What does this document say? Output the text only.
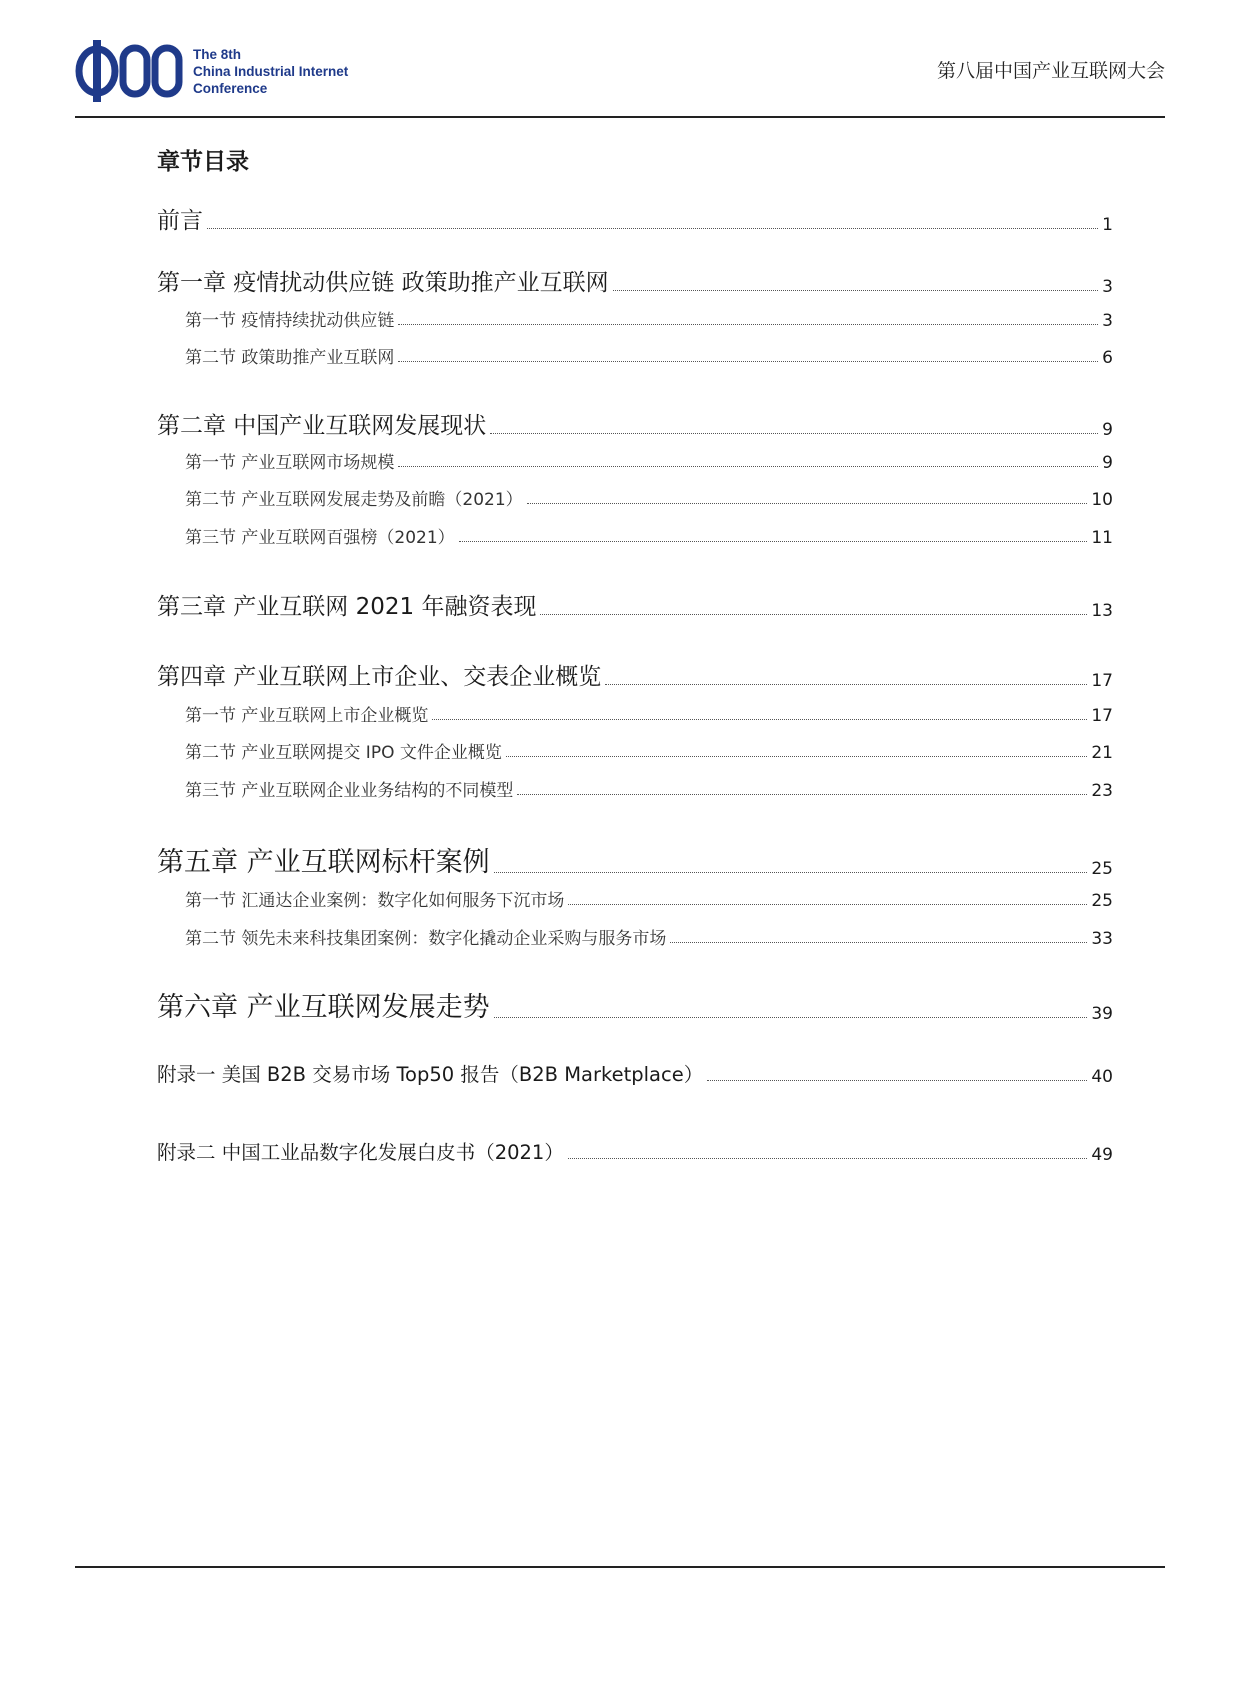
The 8th
China Industrial Internet
Conference
第八届中国产业互联网大会
章节目录
前言	1
第一章 疫情扰动供应链 政策助推产业互联网	3
第一节 疫情持续扰动供应链	3
第二节 政策助推产业互联网	6
第二章 中国产业互联网发展现状	9
第一节 产业互联网市场规模	9
第二节 产业互联网发展走势及前瞻（2021）	10
第三节 产业互联网百强榜（2021）	11
第三章 产业互联网 2021 年融资表现	13
第四章 产业互联网上市企业、交表企业概览	17
第一节 产业互联网上市企业概览	17
第二节 产业互联网提交 IPO 文件企业概览	21
第三节 产业互联网企业业务结构的不同模型	23
第五章 产业互联网标杆案例	25
第一节 汇通达企业案例：数字化如何服务下沉市场	25
第二节 领先未来科技集团案例：数字化撬动企业采购与服务市场	33
第六章 产业互联网发展走势	39
附录一 美国 B2B 交易市场 Top50 报告（B2B Marketplace）	40
附录二 中国工业品数字化发展白皮书（2021）	49
